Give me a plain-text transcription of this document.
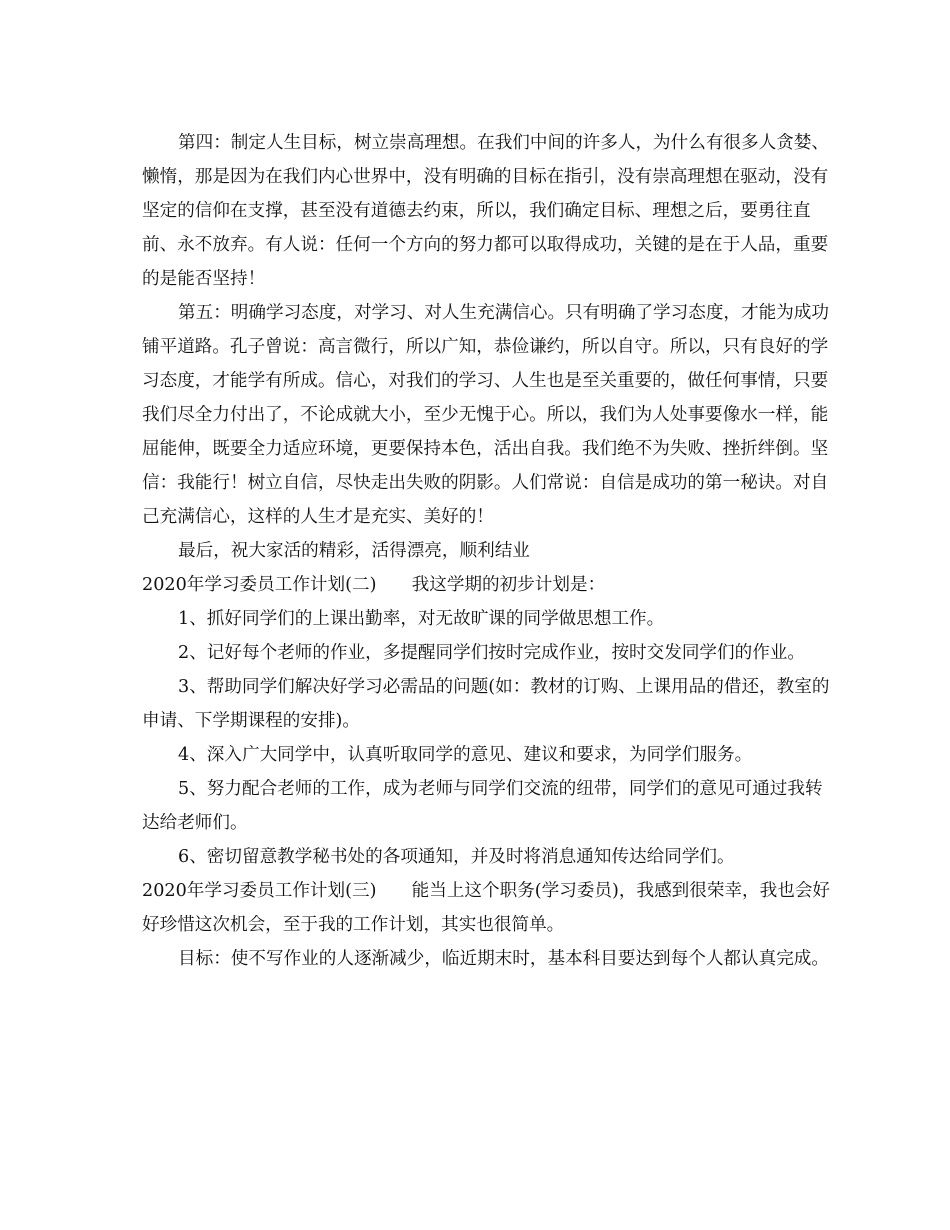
第四：制定人生目标，树立崇高理想。在我们中间的许多人，为什么有很多人贪婪、懒惰，那是因为在我们内心世界中，没有明确的目标在指引，没有崇高理想在驱动，没有坚定的信仰在支撑，甚至没有道德去约束，所以，我们确定目标、理想之后，要勇往直前、永不放弃。有人说：任何一个方向的努力都可以取得成功，关键的是在于人品，重要的是能否坚持！

第五：明确学习态度，对学习、对人生充满信心。只有明确了学习态度，才能为成功铺平道路。孔子曾说：高言微行，所以广知，恭俭谦约，所以自守。所以，只有良好的学习态度，才能学有所成。信心，对我们的学习、人生也是至关重要的，做任何事情，只要我们尽全力付出了，不论成就大小，至少无愧于心。所以，我们为人处事要像水一样，能屈能伸，既要全力适应环境，更要保持本色，活出自我。我们绝不为失败、挫折绊倒。坚信：我能行！树立自信，尽快走出失败的阴影。人们常说：自信是成功的第一秘诀。对自己充满信心，这样的人生才是充实、美好的！

最后，祝大家活的精彩，活得漂亮，顺利结业

2020年学习委员工作计划(二)　　我这学期的初步计划是：

1、抓好同学们的上课出勤率，对无故旷课的同学做思想工作。

2、记好每个老师的作业，多提醒同学们按时完成作业，按时交发同学们的作业。

3、帮助同学们解决好学习必需品的问题(如：教材的订购、上课用品的借还，教室的申请、下学期课程的安排)。

4、深入广大同学中，认真听取同学的意见、建议和要求，为同学们服务。

5、努力配合老师的工作，成为老师与同学们交流的纽带，同学们的意见可通过我转达给老师们。

6、密切留意教学秘书处的各项通知，并及时将消息通知传达给同学们。

2020年学习委员工作计划(三)　　能当上这个职务(学习委员)，我感到很荣幸，我也会好好珍惜这次机会，至于我的工作计划，其实也很简单。

目标：使不写作业的人逐渐减少，临近期末时，基本科目要达到每个人都认真完成。
